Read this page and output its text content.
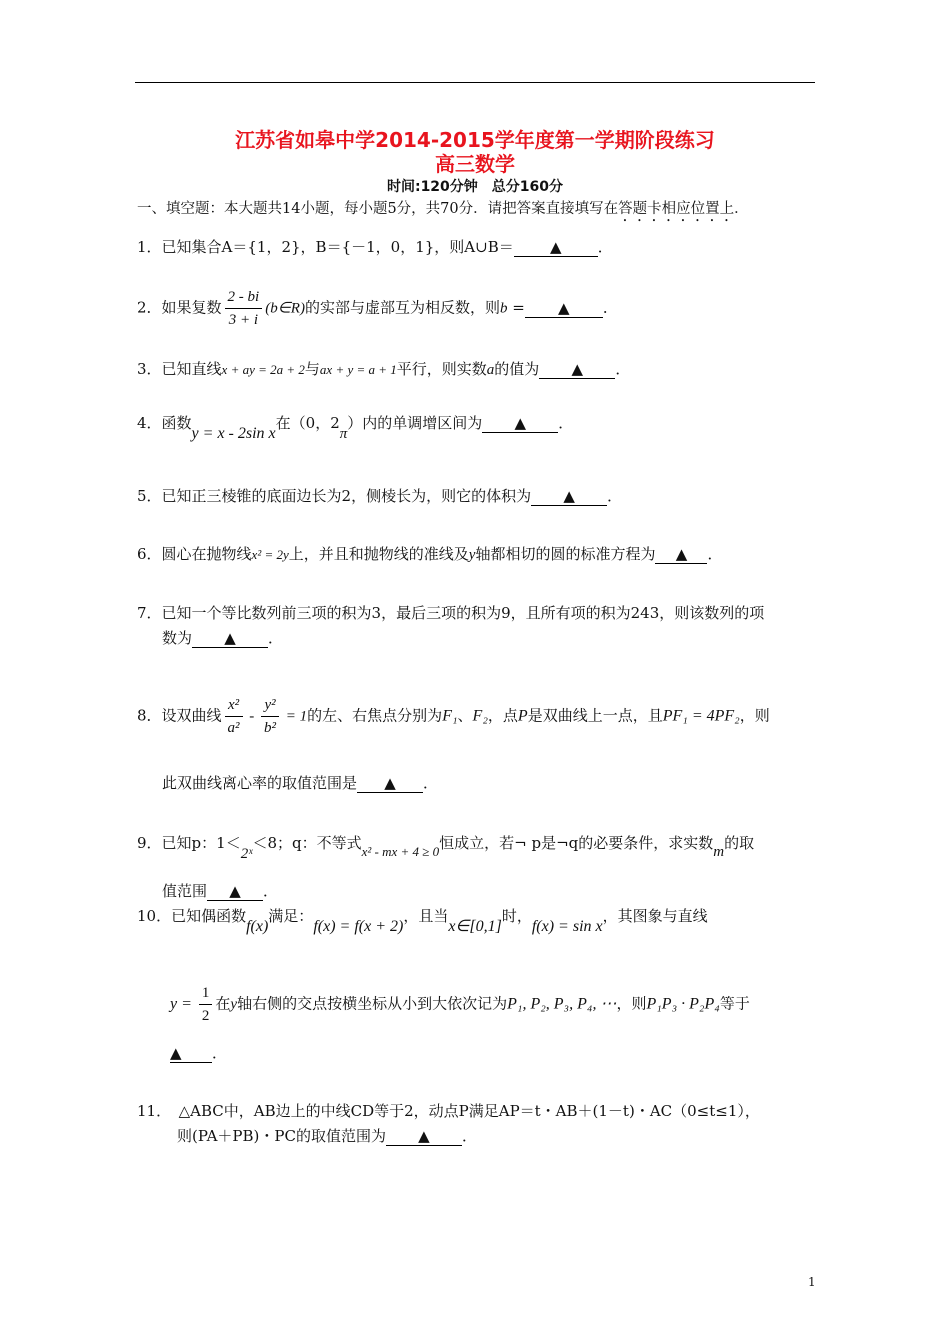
江苏省如皋中学2014-2015学年度第一学期阶段练习
高三数学
时间:120分钟　总分160分
一、填空题：本大题共14小题，每小题5分，共70分．请把答案直接填写在答题卡相应位置上．
1．已知集合A＝{1，2}，B＝{－1，0，1}，则A∪B＝ ▲ ．
2．如果复数 $\frac{2 - bi}{3 + i}$ (b∈R)的实部与虚部互为相反数，则b = ▲ ．
3．已知直线x + ay = 2a + 2与ax + y = a + 1平行，则实数a的值为 ▲ ．
4．函数y = x - 2sin x在（0，2π）内的单调增区间为 ▲ ．
5．已知正三棱锥的底面边长为2，侧棱长为，则它的体积为 ▲ ．
6．圆心在抛物线x² = 2y上，并且和抛物线的准线及y轴都相切的圆的标准方程为 ▲ ．
7．已知一个等比数列前三项的积为3，最后三项的积为9，且所有项的积为243，则该数列的项
数为 ▲ ．
8．设双曲线 $\frac{\text{x²}}{\text{a²}} - \frac{\text{y²}}{\text{b²}} = 1$的左、右焦点分别为F₁、F₂，点P是双曲线上一点，且PF₁ = 4PF₂，则
此双曲线离心率的取值范围是 ▲ ．
9．已知p：1＜2ˣ＜8；q：不等式x² - mx + 4 ≥ 0恒成立，若¬ p是¬q的必要条件，求实数m的取
值范围 ▲ ．
10．已知偶函数f(x)满足：f(x) = f(x + 2)，且当x∈[0,1]时，f(x) = sin x，其图象与直线
$y = \frac{1}{2}$ 在y轴右侧的交点按横坐标从小到大依次记为P₁, P₂, P₃, P₄, ⋯，则P₁P₃ · P₂P₄等于
▲ ．
11．　△ABC中，AB边上的中线CD等于2，动点P满足AP＝t・AB＋(1－t)・AC（0≤t≤1），
则(PA＋PB)・PC的取值范围为 ▲ ．
1
